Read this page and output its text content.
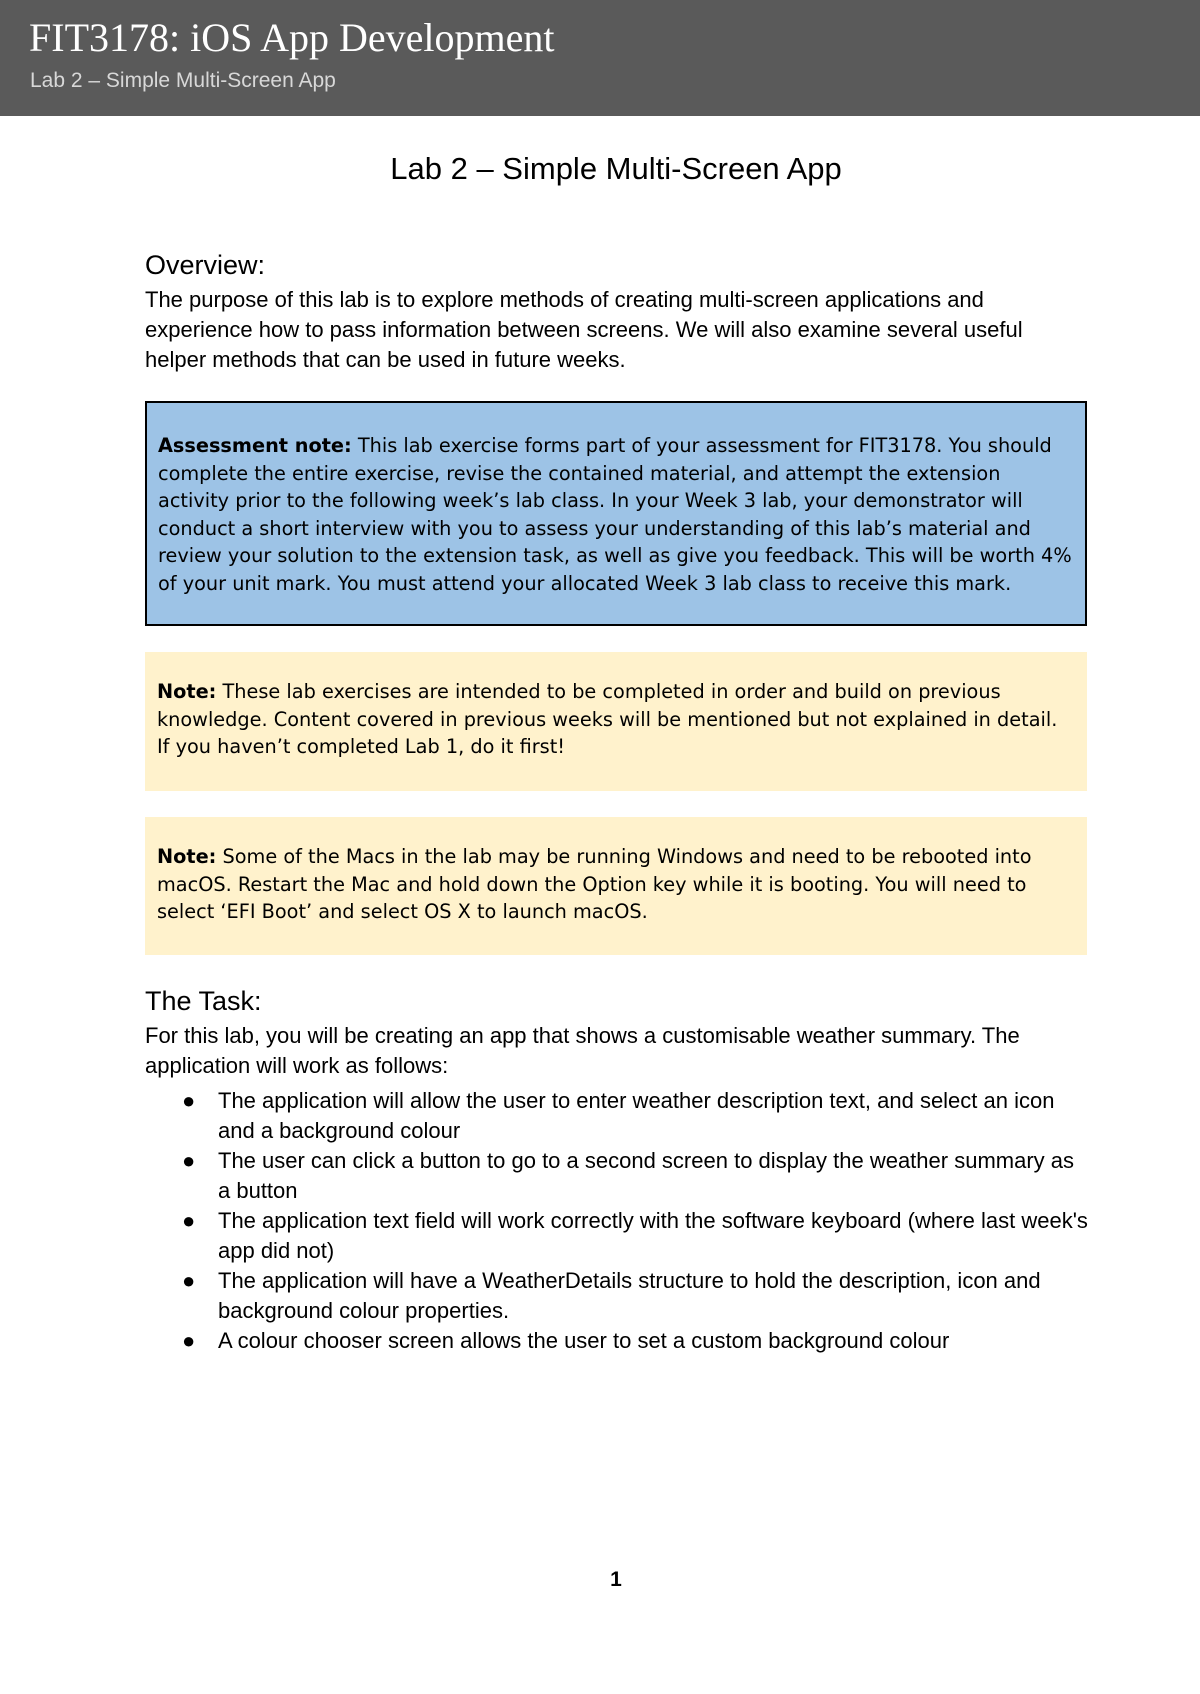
FIT3178: iOS App Development
Lab 2 – Simple Multi-Screen App
Lab 2 – Simple Multi-Screen App
Overview:
The purpose of this lab is to explore methods of creating multi-screen applications and experience how to pass information between screens. We will also examine several useful helper methods that can be used in future weeks.
Assessment note: This lab exercise forms part of your assessment for FIT3178. You should complete the entire exercise, revise the contained material, and attempt the extension activity prior to the following week’s lab class. In your Week 3 lab, your demonstrator will conduct a short interview with you to assess your understanding of this lab’s material and review your solution to the extension task, as well as give you feedback. This will be worth 4% of your unit mark. You must attend your allocated Week 3 lab class to receive this mark.
Note: These lab exercises are intended to be completed in order and build on previous knowledge. Content covered in previous weeks will be mentioned but not explained in detail. If you haven’t completed Lab 1, do it first!
Note: Some of the Macs in the lab may be running Windows and need to be rebooted into macOS. Restart the Mac and hold down the Option key while it is booting. You will need to select ‘EFI Boot’ and select OS X to launch macOS.
The Task:
For this lab, you will be creating an app that shows a customisable weather summary. The application will work as follows:
● The application will allow the user to enter weather description text, and select an icon and a background colour
● The user can click a button to go to a second screen to display the weather summary as a button
● The application text field will work correctly with the software keyboard (where last week's app did not)
● The application will have a WeatherDetails structure to hold the description, icon and background colour properties.
● A colour chooser screen allows the user to set a custom background colour
1
